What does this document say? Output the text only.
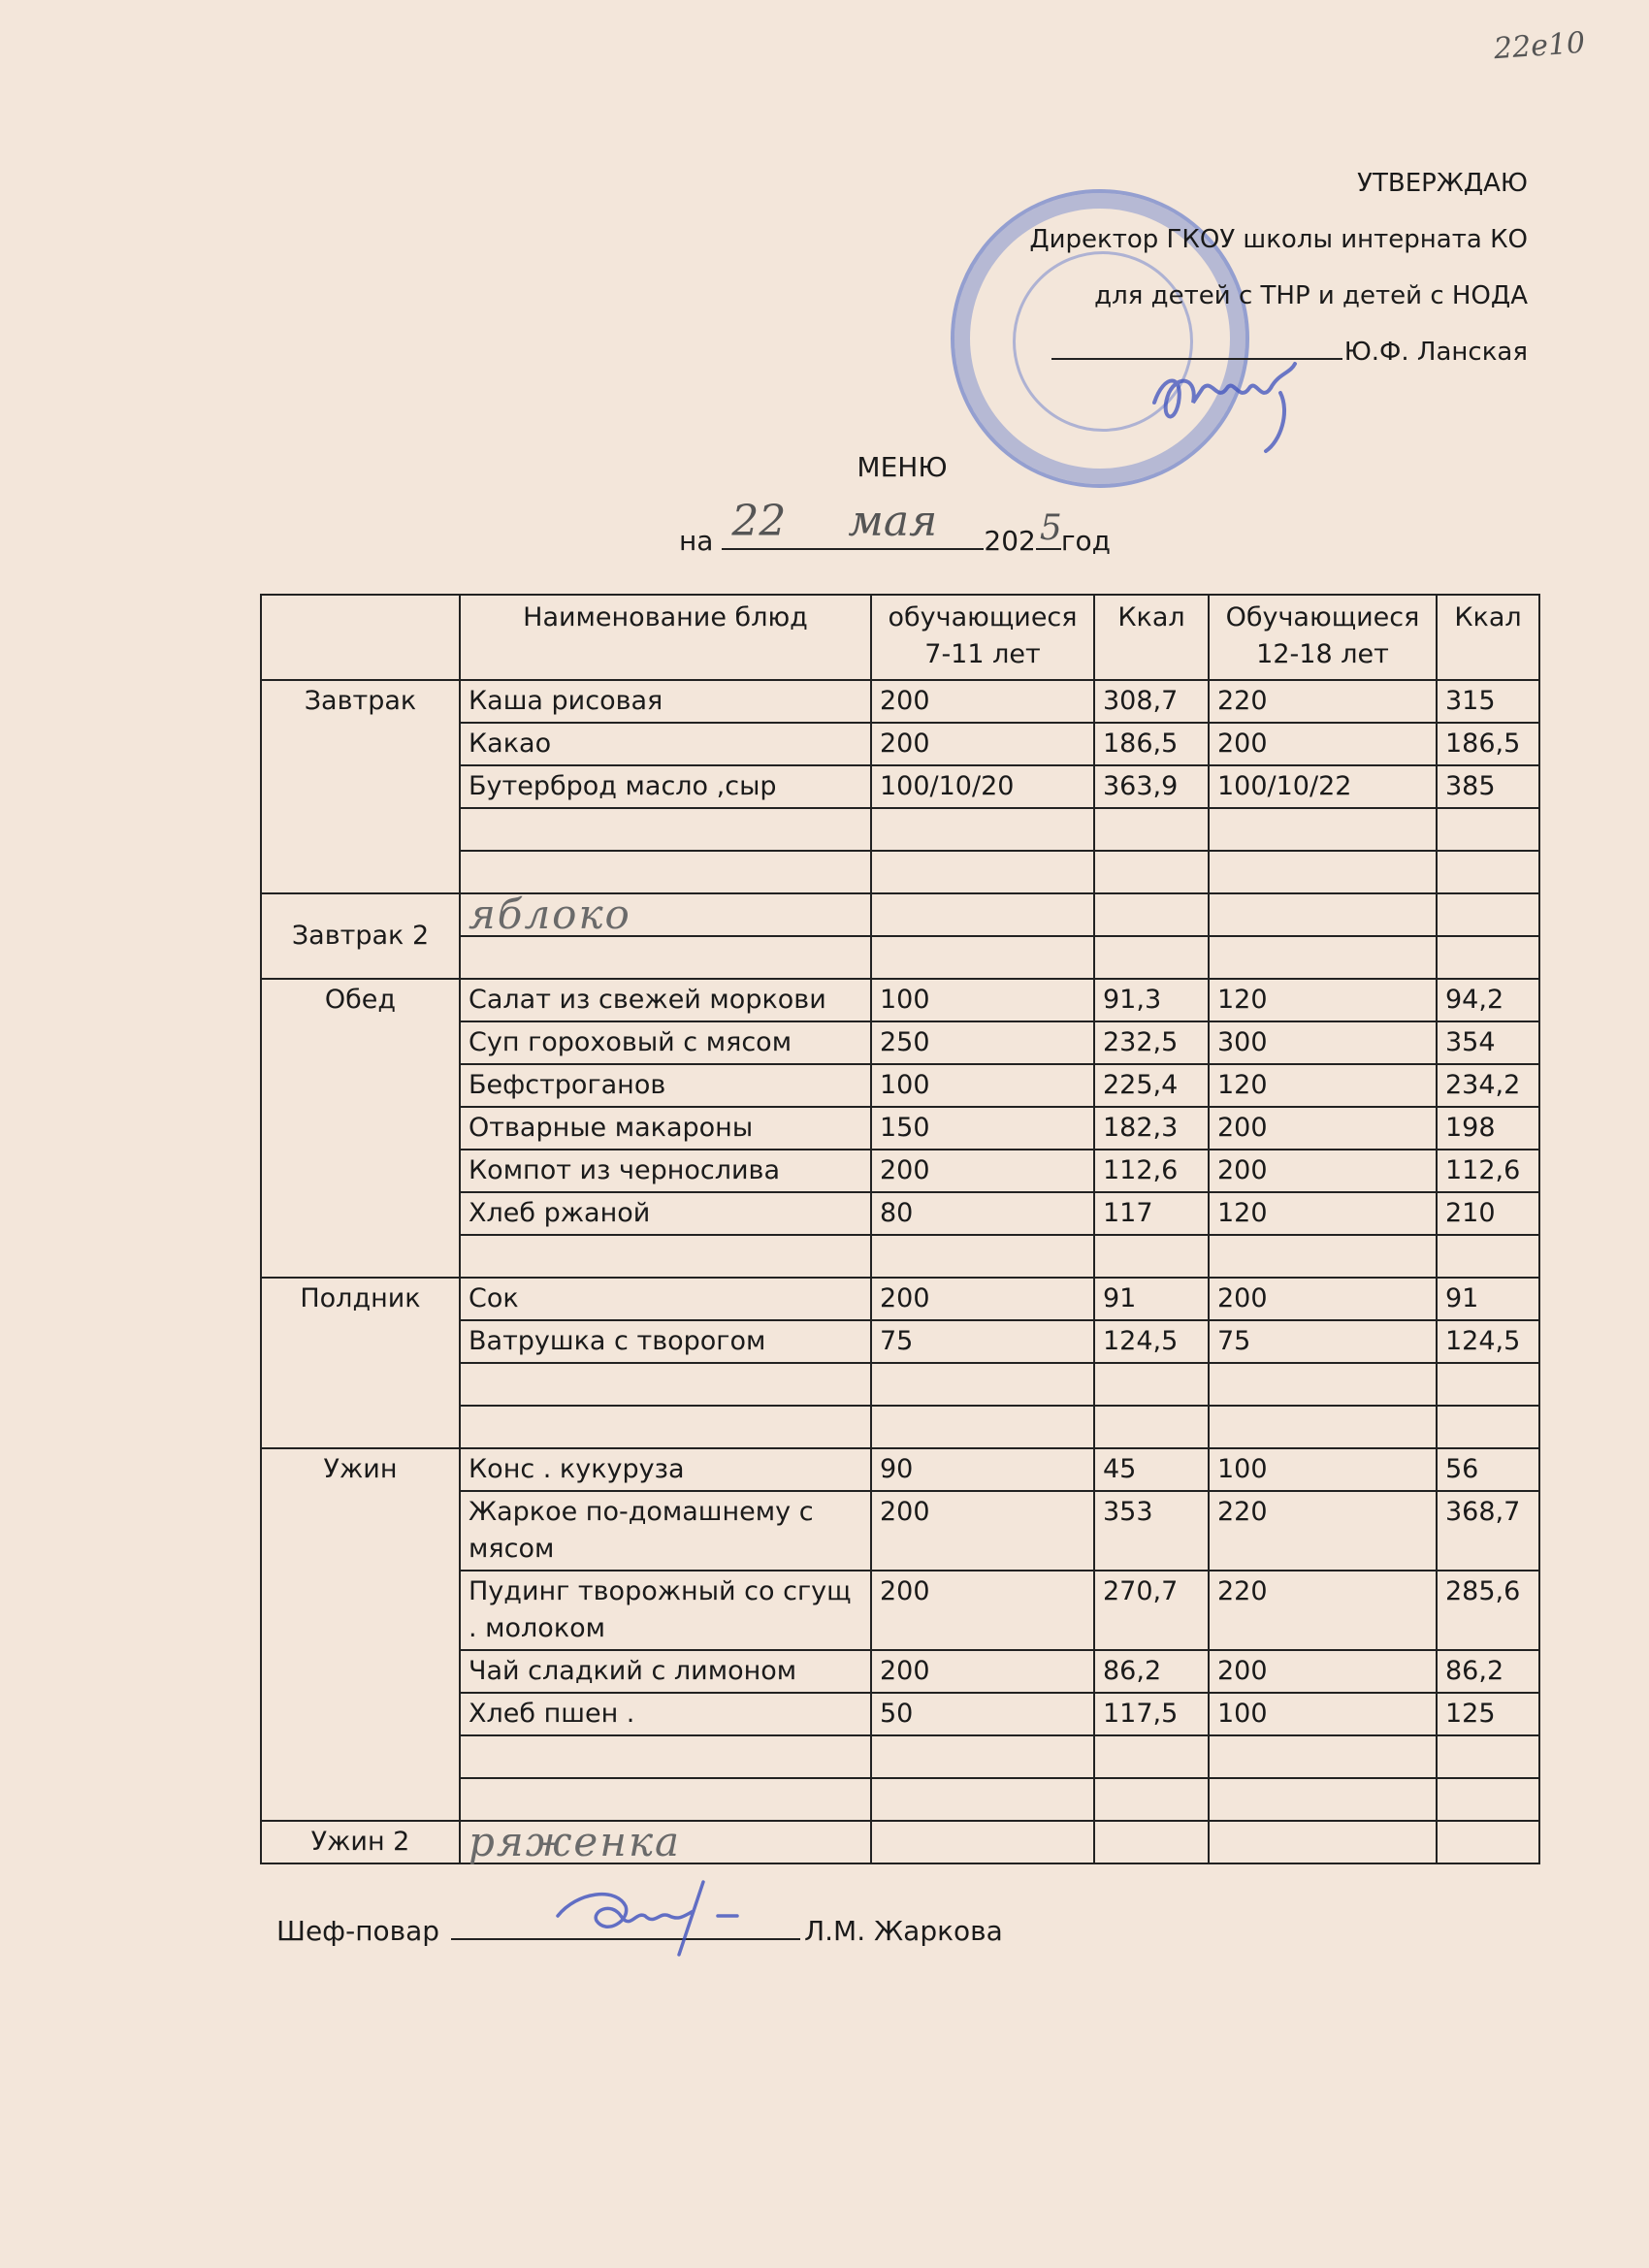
22e10
УТВЕРЖДАЮ
Директор ГКОУ школы интерната КО
для детей с ТНР и детей с НОДА
Ю.Ф. Ланская
МЕНЮ
на 22 мая 202 5 год
	Наименование блюд	обучающиеся 7-11 лет	Ккал	Обучающиеся 12-18 лет	Ккал
Завтрак	Каша рисовая	200	308,7	220	315
	Какао	200	186,5	200	186,5
	Бутерброд масло ,сыр	100/10/20	363,9	100/10/22	385

Завтрак 2	яблоко				

Обед	Салат из свежей моркови	100	91,3	120	94,2
	Суп гороховый с мясом	250	232,5	300	354
	Бефстроганов	100	225,4	120	234,2
	Отварные макароны	150	182,3	200	198
	Компот из чернослива	200	112,6	200	112,6
	Хлеб ржаной	80	117	120	210

Полдник	Сок	200	91	200	91
	Ватрушка с творогом	75	124,5	75	124,5

Ужин	Конс . кукуруза	90	45	100	56
	Жаркое по-домашнему с мясом	200	353	220	368,7
	Пудинг творожный со сгущ . молоком	200	270,7	220	285,6
	Чай сладкий с лимоном	200	86,2	200	86,2
	Хлеб пшен .	50	117,5	100	125

Ужин 2	ряженка				
Шеф-повар	Л.М. Жаркова
